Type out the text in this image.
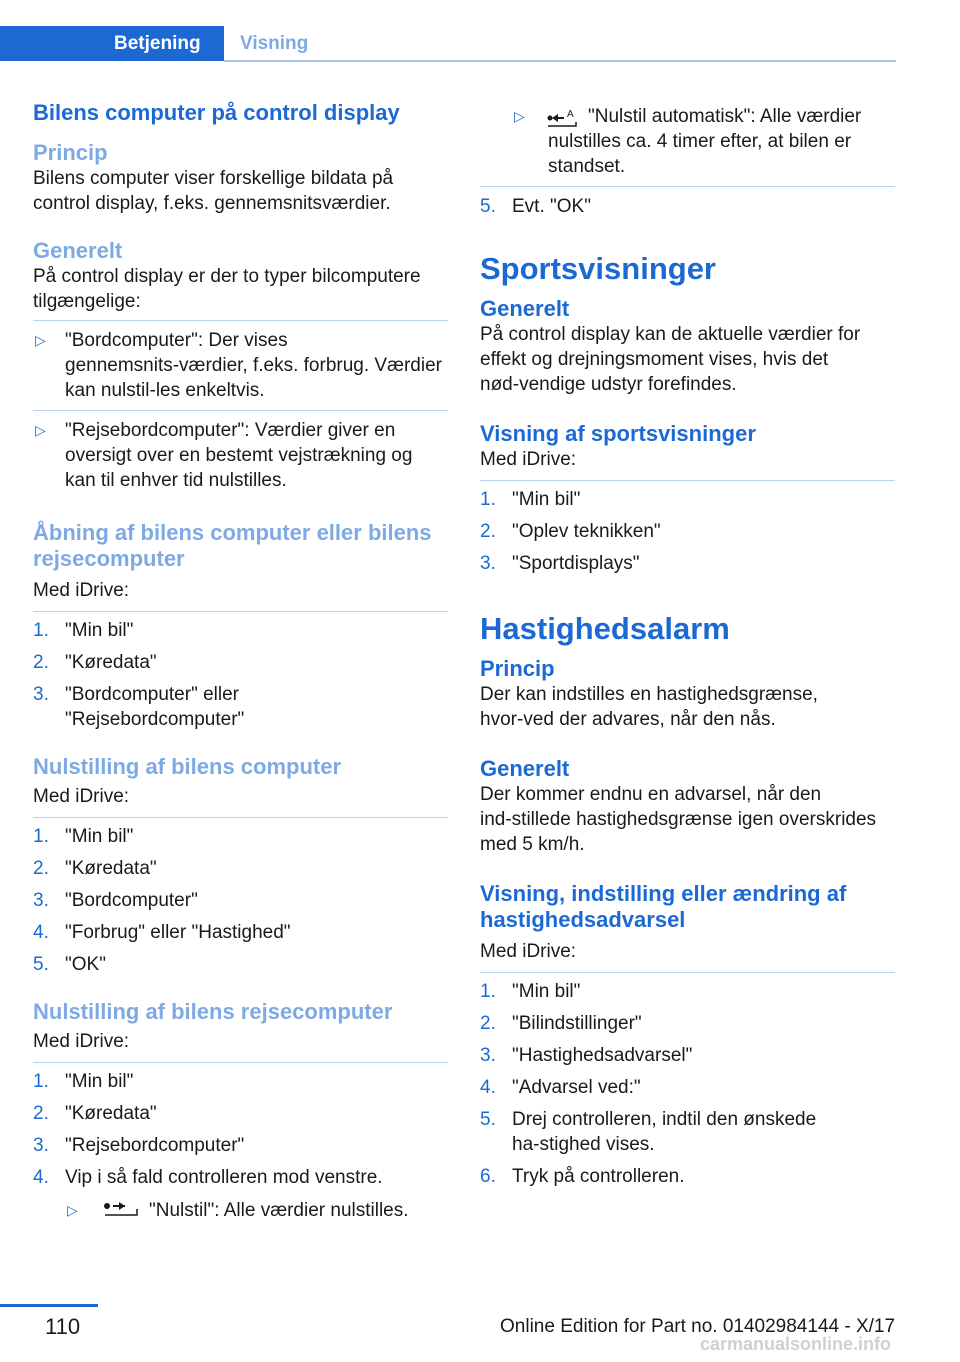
Betjening	Visning
Bilens computer på control display
Princip
Bilens computer viser forskellige bildata på control display, f.eks. gennemsnitsværdier.
Generelt
På control display er der to typer bilcomputere tilgængelige:
▷ "Bordcomputer": Der vises gennemsnits‑værdier, f.eks. forbrug. Værdier kan nulstil‑les enkeltvis.
▷ "Rejsebordcomputer": Værdier giver en oversigt over en bestemt vejstrækning og kan til enhver tid nulstilles.
Åbning af bilens computer eller bilens rejsecomputer
Med iDrive:
1. "Min bil"
2. "Køredata"
3. "Bordcomputer" eller "Rejsebordcomputer"
Nulstilling af bilens computer
Med iDrive:
1. "Min bil"
2. "Køredata"
3. "Bordcomputer"
4. "Forbrug" eller "Hastighed"
5. "OK"
Nulstilling af bilens rejsecomputer
Med iDrive:
1. "Min bil"
2. "Køredata"
3. "Rejsebordcomputer"
4. Vip i så fald controlleren mod venstre.
▷	"Nulstil": Alle værdier nulstilles.
▷	A "Nulstil automatisk": Alle værdier nulstilles ca. 4 timer efter, at bilen er standset.
5. Evt. "OK"
Sportsvisninger
Generelt
På control display kan de aktuelle værdier for effekt og drejningsmoment vises, hvis det nød‑vendige udstyr forefindes.
Visning af sportsvisninger
Med iDrive:
1. "Min bil"
2. "Oplev teknikken"
3. "Sportdisplays"
Hastighedsalarm
Princip
Der kan indstilles en hastighedsgrænse, hvor‑ved der advares, når den nås.
Generelt
Der kommer endnu en advarsel, når den ind‑stillede hastighedsgrænse igen overskrides med 5 km/h.
Visning, indstilling eller ændring af hastighedsadvarsel
Med iDrive:
1. "Min bil"
2. "Bilindstillinger"
3. "Hastighedsadvarsel"
4. "Advarsel ved:"
5. Drej controlleren, indtil den ønskede ha‑stighed vises.
6. Tryk på controlleren.
110	Online Edition for Part no. 01402984144 - X/17
carmanualsonline.info
